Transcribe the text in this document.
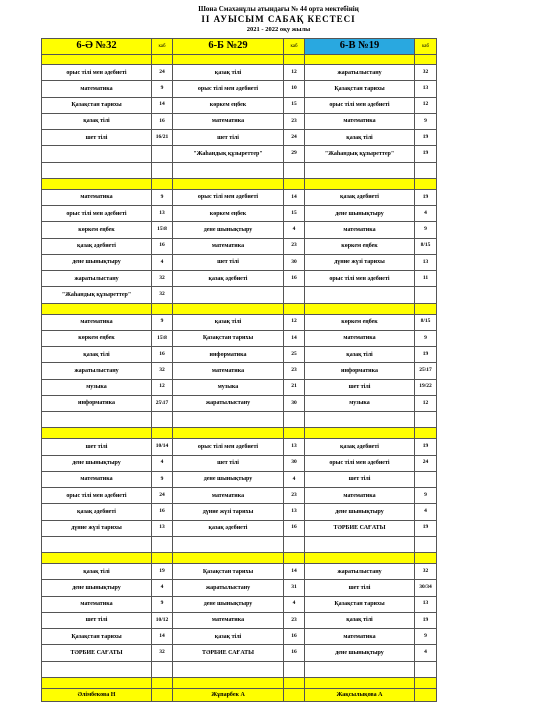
Шона Смаханұлы атындағы № 44 орта мектебінің
II АУЫСЫМ САБАҚ КЕСТЕСІ
2021 - 2022 оқу жылы
6-Ә №32	каб	6-Б №29	каб	6-В №19	каб

орыс тілі мен әдебиеті	24	қазақ тілі	12	жаратылыстану	32
математика	9	орыс тілі мен әдебиеті	10	Қазақстан тарихы	13
Қазақстан тарихы	14	көркем еңбек	15	орыс тілі мен әдебиеті	12
қазақ тілі	16	математика	23	математика	9
шет тілі	16/21	шет тілі	24	қазақ тілі	19
		"Жаһандық құзыреттер"	29	"Жаһандық құзыреттер"	19

математика	9	орыс тілі мен әдебиеті	14	қазақ әдебиеті	19
орыс тілі мен әдебиеті	13	көркем еңбек	15	дене шынықтыру	4
көркем еңбек	15\8	дене шынықтыру	4	математика	9
қазақ әдебиеті	16	математика	23	көркем еңбек	8/15
дене шынықтыру	4	шет тілі	30	дүние жүзі тарихы	13
жаратылыстану	32	қазақ әдебиеті	16	орыс тілі мен әдебиеті	11
"Жаһандық құзыреттер"	32				

математика	9	қазақ тілі	12	көркем еңбек	8/15
көркем еңбек	15\8	Қазақстан тарихы	14	математика	9
қазақ тілі	16	информатика	25	қазақ тілі	19
жаратылыстану	32	математика	23	информатика	25\17
музыка	12	музыка	21	шет тілі	19/22
информатика	25\17	жаратылыстану	30	музыка	12

шет тілі	10/14	орыс тілі мен әдебиеті	13	қазақ әдебиеті	19
дене шынықтыру	4	шет тілі	30	орыс тілі мен әдебиеті	24
математика	9	дене шынықтыру	4	шет тілі	
орыс тілі мен әдебиеті	24	математика	23	математика	9
қазақ әдебиеті	16	дүние жүзі тарихы	13	дене шынықтыру	4
дүние жүзі тарихы	13	қазақ әдебиеті	16	ТӘРБИЕ САҒАТЫ	19

қазақ тілі	19	Қазақстан тарихы	14	жаратылыстану	32
дене шынықтыру	4	жаратылыстану	31	шет тілі	30/34
математика	9	дене шынықтыру	4	Қазақстан тарихы	13
шет тілі	10/12	математика	23	қазақ тілі	19
Қазақстан тарихы	14	қазақ тілі	16	математика	9
ТӘРБИЕ САҒАТЫ	32	ТӘРБИЕ САҒАТЫ	16	дене шынықтыру	4

Әлімбекова Н		Жұпарбек А		Жақсылықова А	
